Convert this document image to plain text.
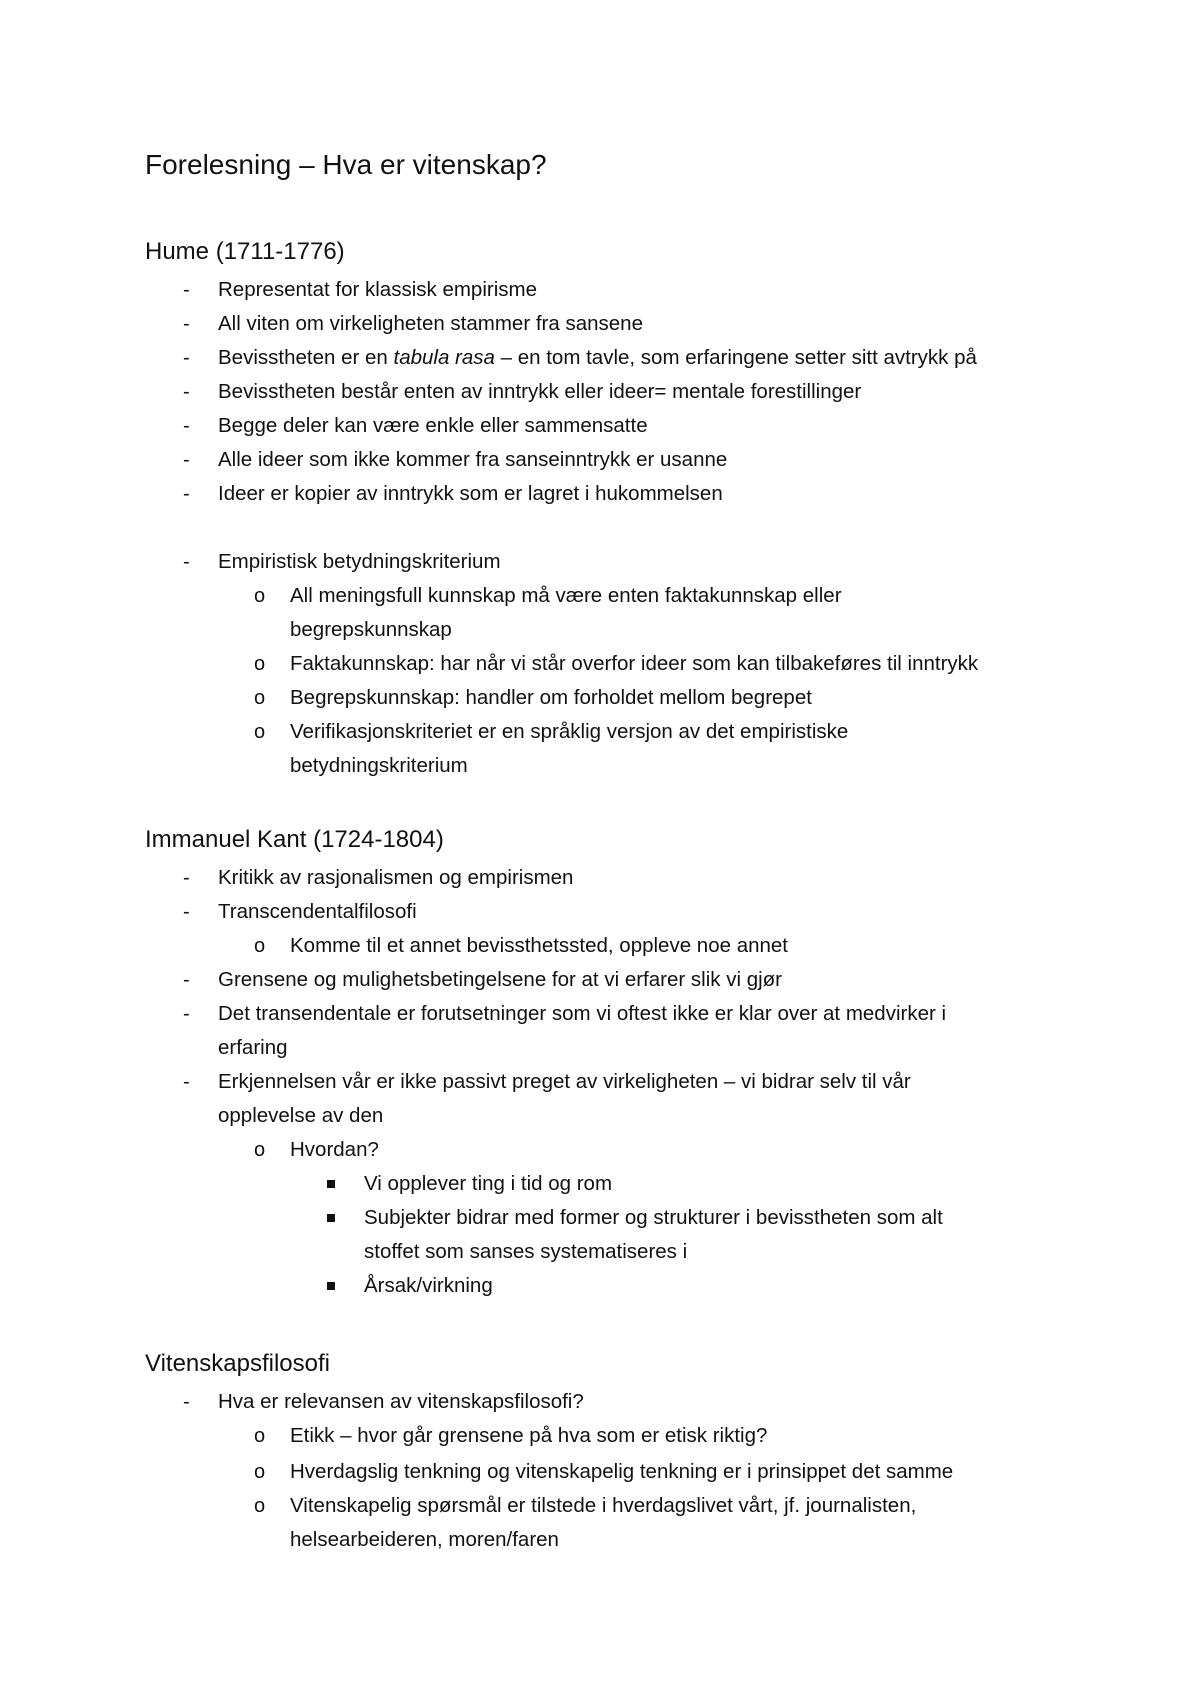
Forelesning – Hva er vitenskap?
Hume (1711-1776)
- Representat for klassisk empirisme
- All viten om virkeligheten stammer fra sansene
- Bevisstheten er en tabula rasa – en tom tavle, som erfaringene setter sitt avtrykk på
- Bevisstheten består enten av inntrykk eller ideer= mentale forestillinger
- Begge deler kan være enkle eller sammensatte
- Alle ideer som ikke kommer fra sanseinntrykk er usanne
- Ideer er kopier av inntrykk som er lagret i hukommelsen
- Empiristisk betydningskriterium
o All meningsfull kunnskap må være enten faktakunnskap eller
begrepskunnskap
o Faktakunnskap: har når vi står overfor ideer som kan tilbakeføres til inntrykk
o Begrepskunnskap: handler om forholdet mellom begrepet
o Verifikasjonskriteriet er en språklig versjon av det empiristiske
betydningskriterium
Immanuel Kant (1724-1804)
- Kritikk av rasjonalismen og empirismen
- Transcendentalfilosofi
o Komme til et annet bevissthetssted, oppleve noe annet
- Grensene og mulighetsbetingelsene for at vi erfarer slik vi gjør
- Det transendentale er forutsetninger som vi oftest ikke er klar over at medvirker i
erfaring
- Erkjennelsen vår er ikke passivt preget av virkeligheten – vi bidrar selv til vår
opplevelse av den
o Hvordan?
Vi opplever ting i tid og rom
Subjekter bidrar med former og strukturer i bevisstheten som alt
stoffet som sanses systematiseres i
Årsak/virkning
Vitenskapsfilosofi
- Hva er relevansen av vitenskapsfilosofi?
o Etikk – hvor går grensene på hva som er etisk riktig?
o Hverdagslig tenkning og vitenskapelig tenkning er i prinsippet det samme
o Vitenskapelig spørsmål er tilstede i hverdagslivet vårt, jf. journalisten,
helsearbeideren, moren/faren
